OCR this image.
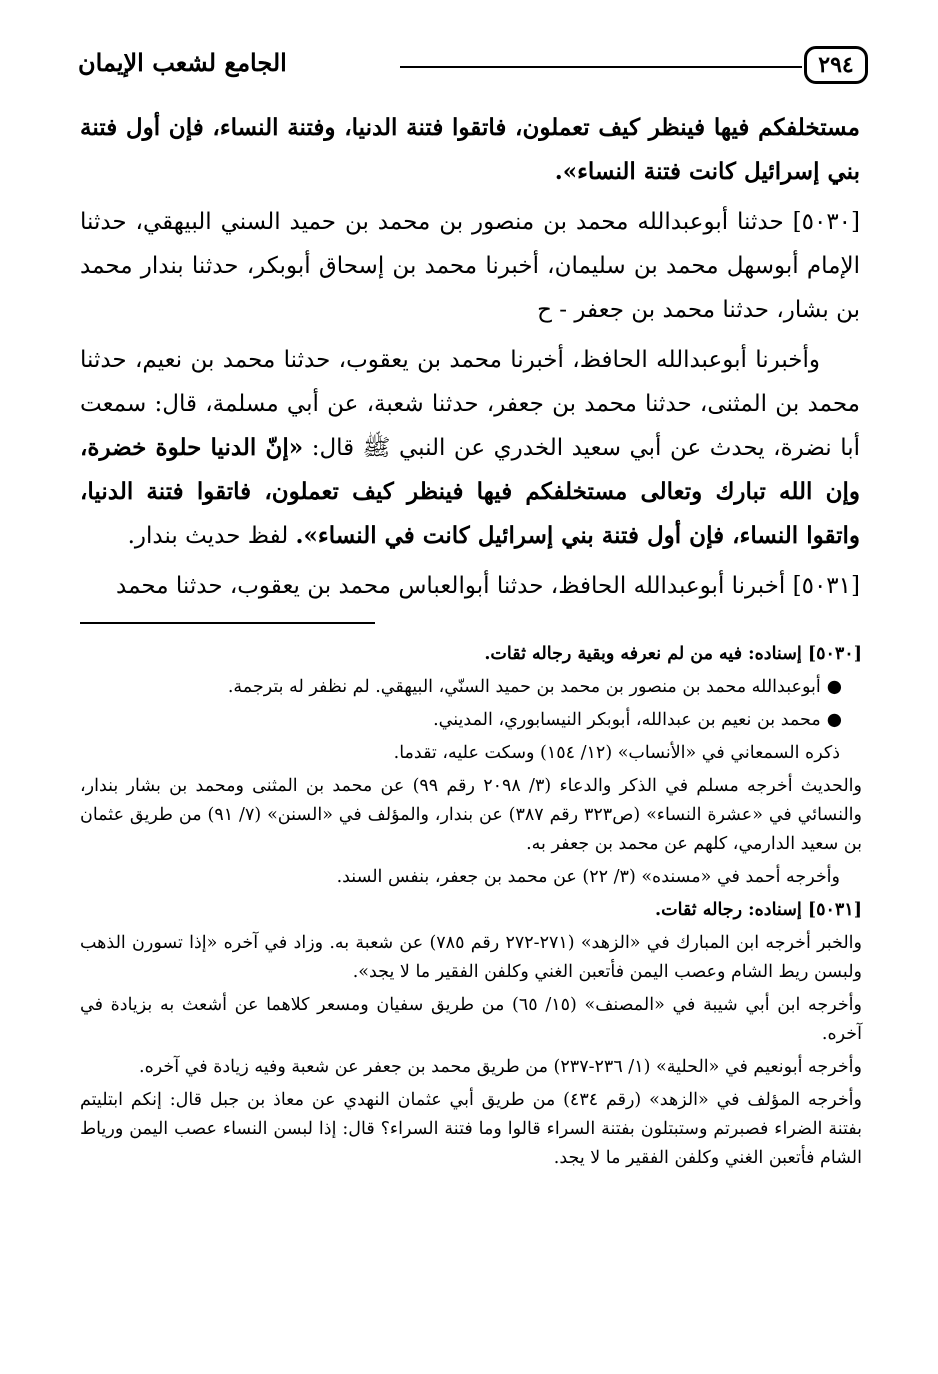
٢٩٤
الجامع لشعب الإيمان

مستخلفكم فيها فينظر كيف تعملون، فاتقوا فتنة الدنيا، وفتنة النساء، فإن أول فتنة بني إسرائيل كانت فتنة النساء».

[٥٠٣٠] حدثنا أبوعبدالله محمد بن منصور بن محمد بن حميد السني البيهقي، حدثنا الإمام أبوسهل محمد بن سليمان، أخبرنا محمد بن إسحاق أبوبكر، حدثنا بندار محمد بن بشار، حدثنا محمد بن جعفر - ح

وأخبرنا أبوعبدالله الحافظ، أخبرنا محمد بن يعقوب، حدثنا محمد بن نعيم، حدثنا محمد بن المثنى، حدثنا محمد بن جعفر، حدثنا شعبة، عن أبي مسلمة، قال: سمعت أبا نضرة، يحدث عن أبي سعيد الخدري عن النبي ﷺ قال: «إنّ الدنيا حلوة خضرة، وإن الله تبارك وتعالى مستخلفكم فيها فينظر كيف تعملون، فاتقوا فتنة الدنيا، واتقوا النساء، فإن أول فتنة بني إسرائيل كانت في النساء». لفظ حديث بندار.

[٥٠٣١] أخبرنا أبوعبدالله الحافظ، حدثنا أبوالعباس محمد بن يعقوب، حدثنا محمد

[٥٠٣٠] إسناده: فيه من لم نعرفه وبقية رجاله ثقات.

●أبوعبدالله محمد بن منصور بن محمد بن حميد السنّي، البيهقي. لم نظفر له بترجمة.

●محمد بن نعيم بن عبدالله، أبوبكر النيسابوري، المديني.

ذكره السمعاني في «الأنساب» (١٢/ ١٥٤) وسكت عليه، تقدما.

والحديث أخرجه مسلم في الذكر والدعاء (٣/ ٢٠٩٨ رقم ٩٩) عن محمد بن المثنى ومحمد بن بشار بندار، والنسائي في «عشرة النساء» (ص٣٢٣ رقم ٣٨٧) عن بندار، والمؤلف في «السنن» (٧/ ٩١) من طريق عثمان بن سعيد الدارمي، كلهم عن محمد بن جعفر به.

وأخرجه أحمد في «مسنده» (٣/ ٢٢) عن محمد بن جعفر، بنفس السند.

[٥٠٣١] إسناده: رجاله ثقات.

والخبر أخرجه ابن المبارك في «الزهد» (٢٧١-٢٧٢ رقم ٧٨٥) عن شعبة به. وزاد في آخره «إذا تسورن الذهب ولبسن ريط الشام وعصب اليمن فأتعبن الغني وكلفن الفقير ما لا يجد».

وأخرجه ابن أبي شيبة في «المصنف» (١٥/ ٦٥) من طريق سفيان ومسعر كلاهما عن أشعث به بزيادة في آخره.

وأخرجه أبونعيم في «الحلية» (١/ ٢٣٦-٢٣٧) من طريق محمد بن جعفر عن شعبة وفيه زيادة في آخره.

وأخرجه المؤلف في «الزهد» (رقم ٤٣٤) من طريق أبي عثمان النهدي عن معاذ بن جبل قال: إنكم ابتليتم بفتنة الضراء فصبرتم وستبتلون بفتنة السراء قالوا وما فتنة السراء؟ قال: إذا لبسن النساء عصب اليمن ورياط الشام فأتعبن الغني وكلفن الفقير ما لا يجد.
